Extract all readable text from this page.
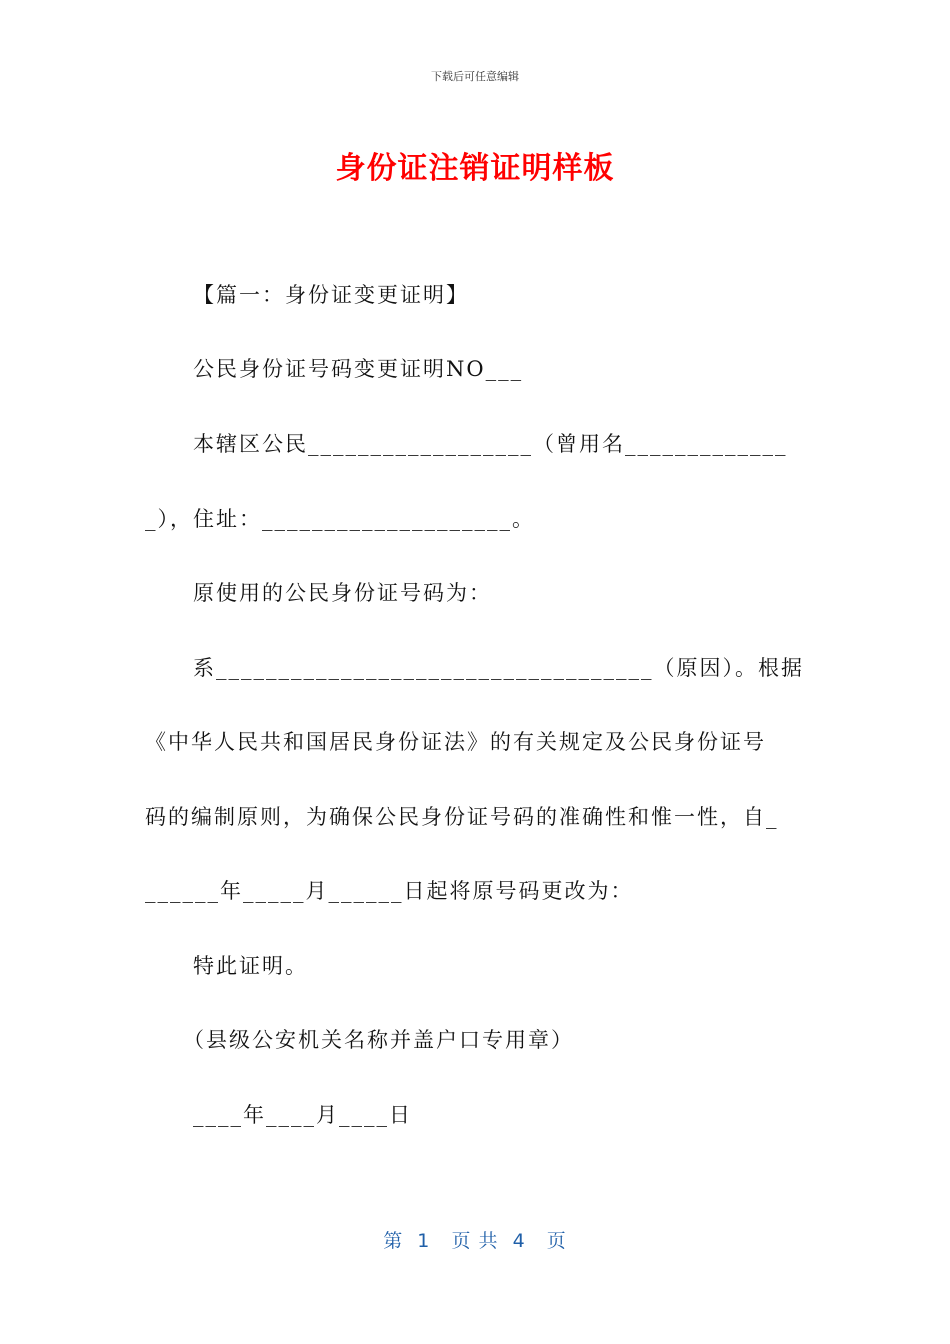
下载后可任意编辑
身份证注销证明样板
【篇一：身份证变更证明】
公民身份证号码变更证明NO___
本辖区公民__________________（曾用名_____________
_），住址：____________________。
原使用的公民身份证号码为：
系___________________________________（原因）。根据
《中华人民共和国居民身份证法》的有关规定及公民身份证号
码的编制原则，为确保公民身份证号码的准确性和惟一性，自_
______年_____月______日起将原号码更改为：
特此证明。
（县级公安机关名称并盖户口专用章）
____年____月____日
第  1   页 共  4   页
